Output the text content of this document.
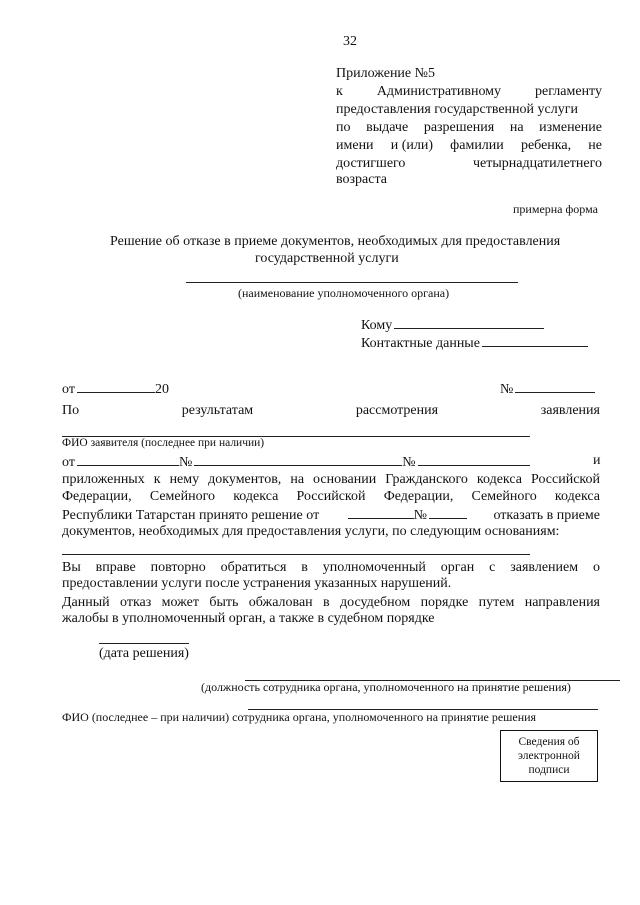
32
Приложение №5
к Административному регламенту
предоставления государственной услуги
по выдаче разрешения на изменение
имени и (или) фамилии ребенка, не
достигшего	четырнадцатилетнего
возраста
примерна форма
Решение об отказе в приеме документов, необходимых для предоставления
государственной услуги
(наименование уполномоченного органа)
Кому
Контактные данные
от	20	№
По	результатам	рассмотрения	заявления
ФИО заявителя (последнее при наличии)
от	№	№	и
приложенных к нему документов, на основании Гражданского кодекса Российской
Федерации, Семейного кодекса Российской Федерации, Семейного кодекса
Республики Татарстан принято решение от	№	отказать в приеме
документов, необходимых для предоставления услуги, по следующим основаниям:
Вы вправе повторно обратиться в уполномоченный орган с заявлением о
предоставлении услуги после устранения указанных нарушений.
Данный отказ может быть обжалован в досудебном порядке путем направления
жалобы в уполномоченный орган, а также в судебном порядке
(дата решения)
(должность сотрудника органа, уполномоченного на принятие решения)
ФИО (последнее – при наличии) сотрудника органа, уполномоченного на принятие решения
Сведения об
электронной
подписи
